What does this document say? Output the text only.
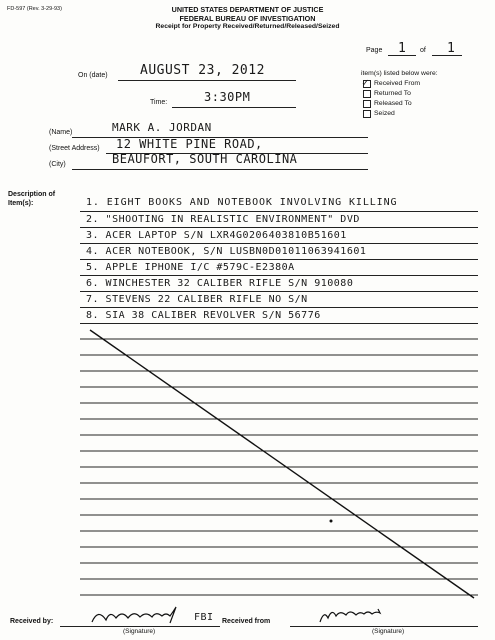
FD-597 (Rev. 3-29-93)	UNITED STATES DEPARTMENT OF JUSTICE
FEDERAL BUREAU OF INVESTIGATION
Receipt for Property Received/Returned/Released/Seized
Page 1 of 1
On (date) AUGUST 23, 2012
Time:	3:30PM
item(s) listed below were:
✓ Received From
Returned To
Released To
Seized
(Name)	MARK A. JORDAN
(Street Address) 12 WHITE PINE ROAD,
(City)	BEAUFORT, SOUTH CAROLINA
Description of Item(s):	1. EIGHT BOOKS AND NOTEBOOK INVOLVING KILLING
2. "SHOOTING IN REALISTIC ENVIRONMENT" DVD
3. ACER LAPTOP S/N LXR4G0206403810B51601
4. ACER NOTEBOOK, S/N LUSBN0D01011063941601
5. APPLE IPHONE I/C #579C-E2380A
6. WINCHESTER 32 CALIBER RIFLE S/N 910080
7. STEVENS 22 CALIBER RIFLE NO S/N
8. SIA 38 CALIBER REVOLVER S/N 56776
Received by:	FBI
(Signature)
Received from
(Signature)
